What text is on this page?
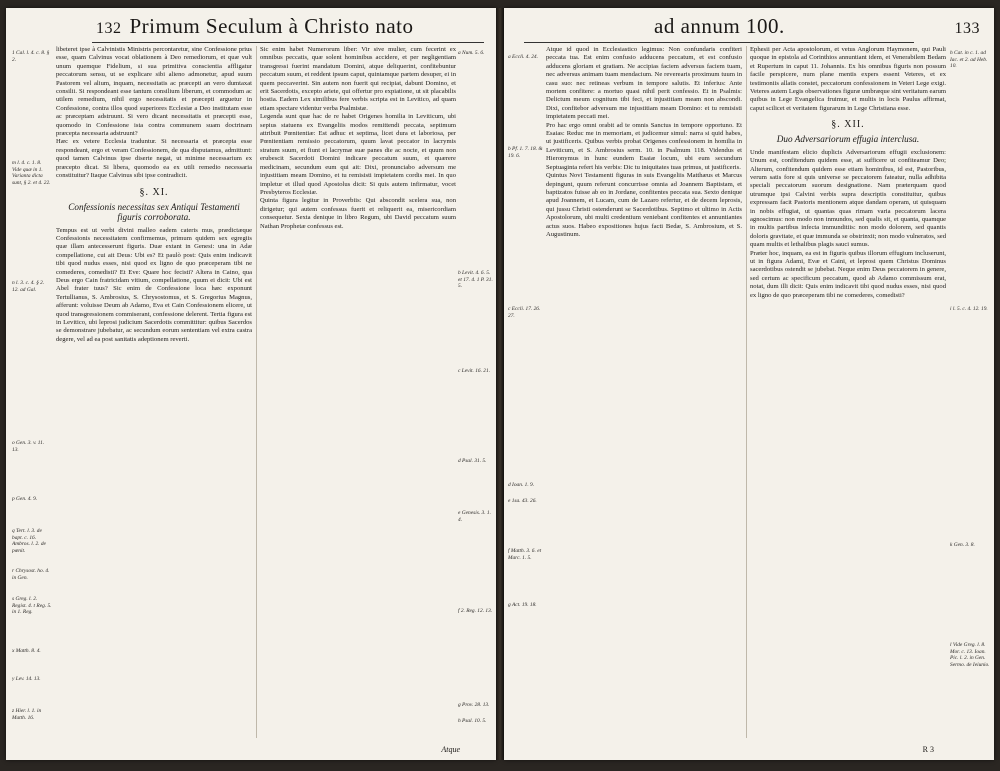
132 Primum Seculum à Christo nato
1 Cal. l. 4. c. 8. § 2.
m l. 4. c. 1. 8. Vide quæ in 1. Varianta dicta sunt, § 2. et 4. 22.
n l. 3. c. 4. § 2. 12. ad Gal.
o Gen. 3. v. 11. 13.
p Gen. 4. 9.
q Tert. l. 3. de bapt. c. 16. Ambros. l. 2. de pœnit.
r Chrysost. ho. 4. in Gen.
s Greg. l. 2. Regist. 4. t Reg. 5. in 1. Reg.
x Matth. 8. 4.
y Lev. 14. 13.
z Hier. l. 1. in Matth. 16.

libeteret ipse à Calvinistis Ministris percontaretur, sine Confessione prius esse, quam Calvinus vocat oblationem à Deo remediorum, et quæ vult unum quemque Fidelium, si sua primitiva conscientia affligatur peccatorum sensu, ut se explicare sibi alieno admonetur, apud suum Pastorem vel alium, inquam, necessitatis ac præcepti an vero dumtaxat consilii. Si respondeant esse tantum consilium liberum, et commodum ac utilem remedium, nihil ergo necessitatis et præcepti arguetur in Confessione, contra illos quod superiores Ecclesiæ a Deo institutam esse ac præceptam adstruunt. Si vero dicant necessitatis et præcepti esse, quomodo in Confessione ista contra communem suam doctrinam præcepta necessaria adstruunt?

Hæc ex vetere Ecclesia traduntur. Si necessaria et præcepta esse respondeant, ergo et veram Confessionem, de qua disputamus, admittunt: quod tamen Calvinus ipse diserte negat, ut minime necessarium ex præcepto dicat. Si libera, quomodo ea ex utili remedio necessaria constituitur? Itaque Calvinus sibi ipse contradicit.

§. XI.
Confessionis necessitas sex Antiqui Testamenti figuris corroborata.

Tempus est ut verbi divini malleo eadem cateris mus, prædictæque Confessionis necessitatem confirmemus, primum quidem sex egregiis quæ illam antecesserunt figuris. Duæ extant in Genesi: una in Adæ compellatione, cui ait Deus: Ubi es? Et paulò post: Quis enim indicavit tibi quod nudus esses, nisi quod ex ligno de quo præceperam tibi ne comederes, comedisti? Et Eve: Quare hoc fecisti? Altera in Caino, qua Deus ergo Cain fratricidam vitium, compellatione, quum ei dicit: Ubi est Abel frater tuus? Sic enim de Confessione loca hæc exponunt Tertullianus, S. Ambrosius, S. Chrysostomus, et S. Gregorius Magnus, afferunt: voluisse Deum ab Adamo, Eva et Cain Confessionem elicere, ut quod transgressionem commiserant, confessione delerent. Tertia figura est in Levitico, ubi leprosi judicium Sacerdotis committitur: quibus Sacerdos se demonstrare jubebatur, ac secundum eorum sententiam vel extra castra degere, vel ad ea post sanitatis adeptionem reverti.

Sic enim habet Numerorum liber: Vir sive mulier, cum fecerint ex omnibus peccatis, quæ solent hominibus accidere, et per negligentiam transgressi fuerint mandatum Domini, atque deliquerint, confitebuntur peccatum suum, et reddent ipsum caput, quintamque partem desuper, ei in quem peccaverint. Sin autem non fuerit qui recipiat, dabunt Domino, et erit Sacerdotis, excepto ariete, qui offertur pro expiatione, ut sit placabilis hostia. Eadem Lex similibus fere verbis scripta est in Levitico, ad quam etiam spectare videntur verba Psalmistæ.

Legenda sunt quæ hac de re habet Origenes homilia in Leviticum, ubi sepius statuens ex Evangeliis modos remittendi peccata, septimum attribuit Pœnitentiæ: Est adhuc et septima, licet dura et laboriosa, per Pœnitentiam remissio peccatorum, quum lavat peccator in lacrymis stratum suum, et fiunt ei lacrymæ suæ panes die ac nocte, et quum non erubescit Sacerdoti Domini indicare peccatum suum, et quærere medicinam, secundum eum qui ait: Dixi, pronunciabo adversum me injustitiam meam Domino, et tu remisisti impietatem cordis mei. In quo impletur et illud quod Apostolus dicit: Si quis autem infirmatur, vocet Presbyteros Ecclesiæ.

Quinta figura legitur in Proverbiis: Qui abscondit scelera sua, non dirigetur; qui autem confessus fuerit et reliquerit ea, misericordiam consequetur. Sexta denique in libro Regum, ubi David peccatum suum Nathan Prophetæ confessus est.

a Num. 5. 6.
b Levit. 4. 6. 5. et 17. 4. 1 P. 31. 5.
c Levit. 16. 21.
d Psal. 31. 5.
e Genesis. 3. 1. 4.
f 2. Reg. 12. 13.
g Prov. 28. 13.
h Psal. 10. 5.
Atque
ad annum 100.	133
a Eccli. 4. 24.
b Pf. 1. 7. 18. & 19. 6.
c Eccli. 17. 26. 27.
d Ioan. 1. 9.
e 1sa. 43. 26.
f Matth. 3. 6. et Marc. 1. 5.
g Act. 19. 18.

Atque id quod in Ecclesiastico legimus: Non confundaris confiteri peccata tua. Est enim confusio adducens peccatum, et est confusio adducens gloriam et gratiam. Ne accipias faciem adversus faciem tuam, nec adversus animam tuam mendacium. Ne reverearis proximum tuum in casu suo: nec retineas verbum in tempore salutis. Et inferius: Ante mortem confitere: a mortuo quasi nihil perit confessio. Et in Psalmis: Delictum meum cognitum tibi feci, et injustitiam meam non abscondi. Dixi, confitebor adversum me injustitiam meam Domino: et tu remisisti impietatem peccati mei.

Pro hac ergo omni orabit ad te omnis Sanctus in tempore opportuno. Et Esaias: Reduc me in memoriam, et judicemur simul: narra si quid habes, ut justificeris. Quibus verbis probat Origenes confessionem in homilia in Leviticum, et S. Ambrosius serm. 10. in Psalmum 118. Videndus et Hieronymus in hunc eundem Esaiæ locum, ubi eum secundum Septuaginta refert his verbis: Dic tu iniquitates tuas primus, ut justificeris.

Quintus Novi Testamenti figuras in suis Evangeliis Matthæus et Marcus depingunt, quum referunt concurrisse omnia ad Joannem Baptistam, et baptizatos fuisse ab eo in Jordane, confitentes peccata sua. Sexto denique apud Joannem, et Lucam, cum de Lazaro refertur, et de decem leprosis, qui jussu Christi ostenderunt se Sacerdotibus. Septimo et ultimo in Actis Apostolorum, ubi multi credentium veniebant confitentes et annuntiantes actus suos. Habeo expositiones hujus facti Bedæ, S. Ambrosium, et S. Augustinum.

Ephesii per Acta apostolorum, et vetus Anglorum Haymonem, qui Pauli quoque in epistola ad Corinthios annuntiant idem, et Venerabilem Bedam et Rupertum in caput 11. Johannis. Ex his omnibus figuris non possum facile perspicere, num plane mentis expers essent Veteres, et ex testimoniis allatis constet, peccatorum confessionem in Veteri Lege exigi. Veteres autem Legis observationes figuræ umbræque sint veritatum earum quibus in Lege Evangelica fruimur, et multis in locis Paulus affirmat, caput scilicet et veritatem figurarum in Lege Christiana esse.

§. XII.
Duo Adversariorum effugia interclusa.

Unde manifestam elicio duplicis Adversariorum effugii exclusionem: Unum est, confitendum quidem esse, at sufficere ut confiteamur Deo; Alterum, confitendum quidem esse etiam hominibus, id est, Pastoribus, verum satis fore si quis universe se peccatorem fateatur, nulla adhibita speciali peccatorum suorum designatione. Nam præterquam quod utrumque ipsi Calvini verbis supra descriptis constituitur, quibus expressam facit Pastoris mentionem atque dandam operam, ut quisquam in nobis effugiat, ut quantas quas rimam varia peccatorum lacera agnoscimus: non modo non inmundos, sed qualis sit, et quanta, quamque in multis partibus infecta immunditiis: non modo dolorem, sed quantis doloris gravitate, et quæ immunda se obstrinxit; non modo vulneratos, sed quam multis et lethalibus plagis sauci sumus.

Præter hoc, inquam, ea est in figuris quibus illorum effugium incluserunt, ut in figura Adami, Evæ et Caini, et leprosi quem Christus Dominus sacerdotibus ostendit se jubebat. Neque enim Deus peccatorem in genere, sed certum ac specificum peccatum, quod ab Adamo commissum erat, notat, dum illi dicit: Quis enim indicavit tibi quod nudus esses, nisi quod ex ligno de quo præceperam tibi ne comederes, comedisti?

h Cat. in c. 1. ad Iac. et 2. ad Heb. 10.
i l. 5. c. 4. 12. 19.
k Gen. 3. 8.
l Vide Greg. l. 8. Mor. c. 13. Ioan. Pic. l. 2. in Gen. Sermo. de Ieiunio.
R 3
